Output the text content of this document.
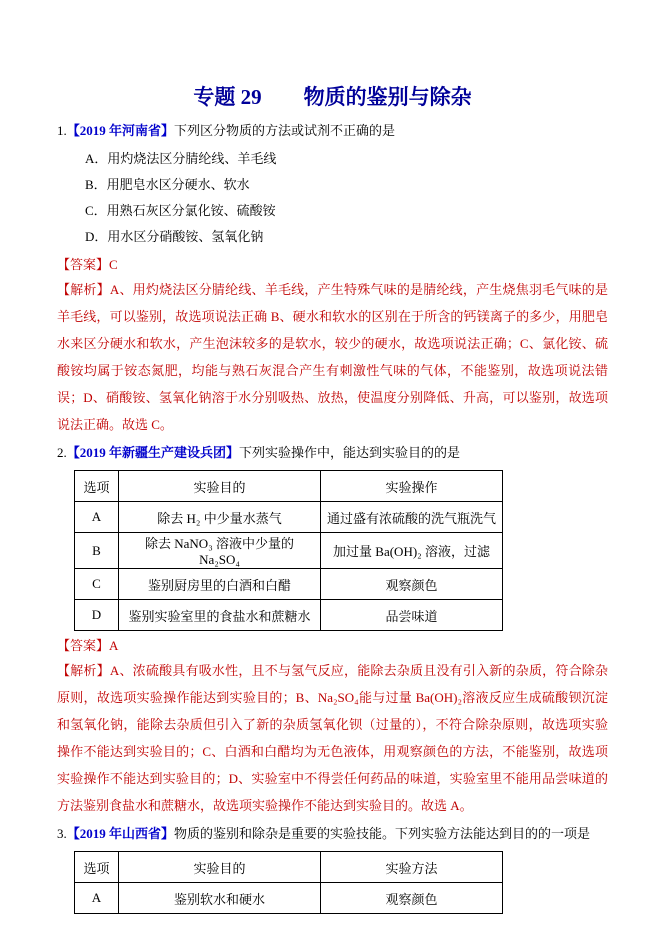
专题 29　　物质的鉴别与除杂

1.【2019 年河南省】下列区分物质的方法或试剂不正确的是

A．用灼烧法区分腈纶线、羊毛线

B．用肥皂水区分硬水、软水

C．用熟石灰区分氯化铵、硫酸铵

D．用水区分硝酸铵、氢氧化钠

【答案】C

【解析】A、用灼烧法区分腈纶线、羊毛线，产生特殊气味的是腈纶线，产生烧焦羽毛气味的是羊毛线，可以鉴别，故选项说法正确 B、硬水和软水的区别在于所含的钙镁离子的多少，用肥皂水来区分硬水和软水，产生泡沫较多的是软水，较少的硬水，故选项说法正确；C、氯化铵、硫酸铵均属于铵态氮肥，均能与熟石灰混合产生有刺激性气味的气体，不能鉴别，故选项说法错误；D、硝酸铵、氢氧化钠溶于水分别吸热、放热，使温度分别降低、升高，可以鉴别，故选项说法正确。故选 C。

2.【2019 年新疆生产建设兵团】下列实验操作中，能达到实验目的的是

选项	实验目的	实验操作
A	除去 H₂ 中少量水蒸气	通过盛有浓硫酸的洗气瓶洗气
B	除去 NaNO₃ 溶液中少量的 Na₂SO₄	加过量 Ba(OH)₂ 溶液，过滤
C	鉴别厨房里的白酒和白醋	观察颜色
D	鉴别实验室里的食盐水和蔗糖水	品尝味道

【答案】A

【解析】A、浓硫酸具有吸水性，且不与氢气反应，能除去杂质且没有引入新的杂质，符合除杂原则，故选项实验操作能达到实验目的；B、Na₂SO₄能与过量 Ba(OH)₂溶液反应生成硫酸钡沉淀和氢氧化钠，能除去杂质但引入了新的杂质氢氧化钡（过量的），不符合除杂原则，故选项实验操作不能达到实验目的；C、白酒和白醋均为无色液体，用观察颜色的方法，不能鉴别，故选项实验操作不能达到实验目的；D、实验室中不得尝任何药品的味道，实验室里不能用品尝味道的方法鉴别食盐水和蔗糖水，故选项实验操作不能达到实验目的。故选 A。

3.【2019 年山西省】物质的鉴别和除杂是重要的实验技能。下列实验方法能达到目的的一项是

选项	实验目的	实验方法
A	鉴别软水和硬水	观察颜色
